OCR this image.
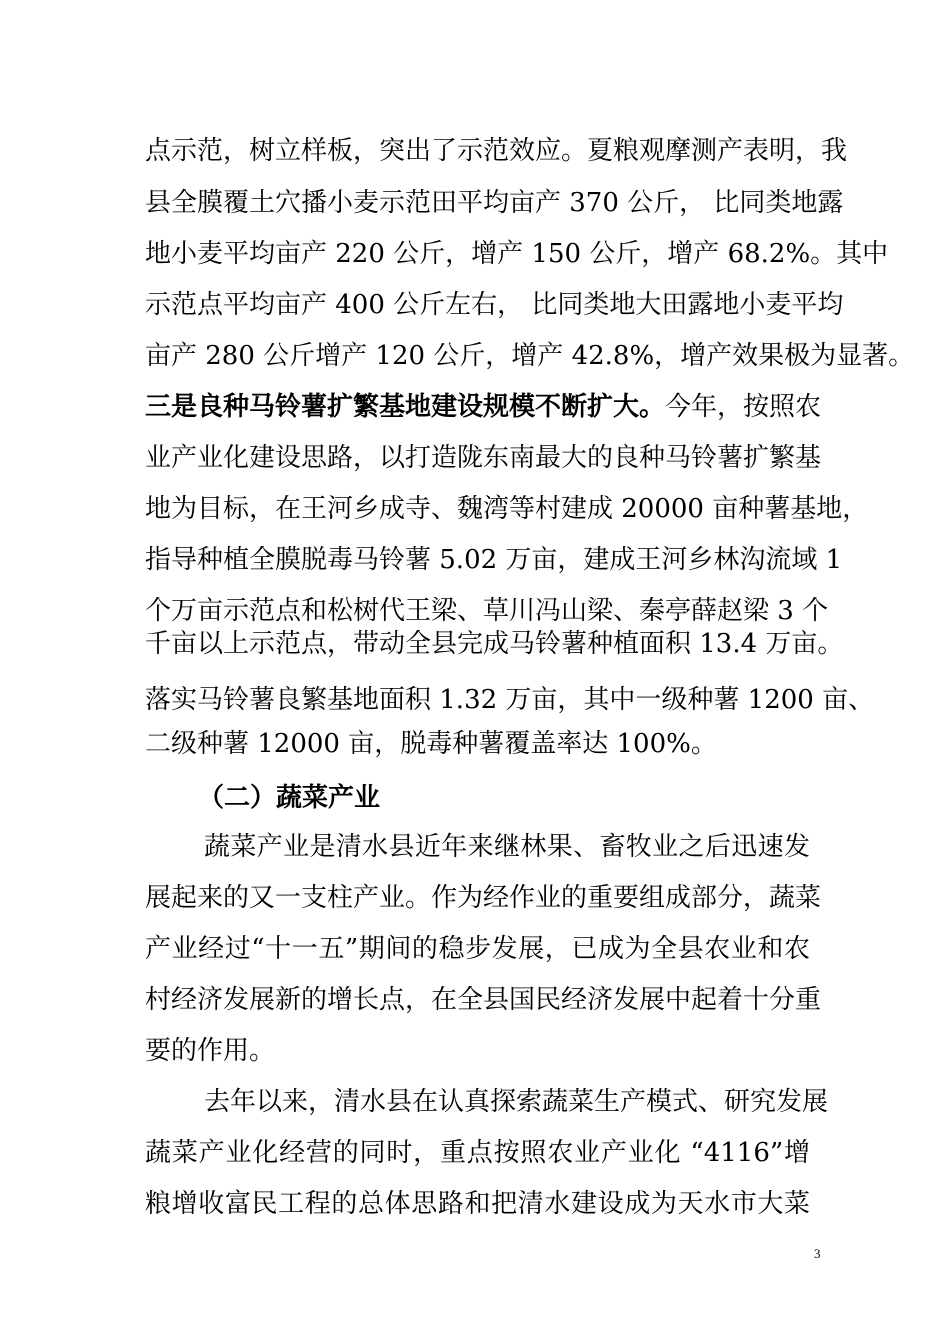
点示范，树立样板，突出了示范效应。夏粮观摩测产表明，我
县全膜覆土穴播小麦示范田平均亩产 370 公斤， 比同类地露
地小麦平均亩产 220 公斤，增产 150 公斤，增产 68.2%。其中
示范点平均亩产 400 公斤左右， 比同类地大田露地小麦平均
亩产 280 公斤增产 120 公斤，增产 42.8%，增产效果极为显著。
三是良种马铃薯扩繁基地建设规模不断扩大。今年，按照农
业产业化建设思路，以打造陇东南最大的良种马铃薯扩繁基
地为目标，在王河乡成寺、魏湾等村建成 20000 亩种薯基地，
指导种植全膜脱毒马铃薯 5.02 万亩，建成王河乡林沟流域 1
个万亩示范点和松树代王梁、草川冯山梁、秦亭薛赵梁 3 个
千亩以上示范点，带动全县完成马铃薯种植面积 13.4 万亩。
落实马铃薯良繁基地面积 1.32 万亩，其中一级种薯 1200 亩、
二级种薯 12000 亩，脱毒种薯覆盖率达 100%。
（二）蔬菜产业
蔬菜产业是清水县近年来继林果、畜牧业之后迅速发
展起来的又一支柱产业。作为经作业的重要组成部分，蔬菜
产业经过“十一五”期间的稳步发展，已成为全县农业和农
村经济发展新的增长点，在全县国民经济发展中起着十分重
要的作用。
去年以来，清水县在认真探索蔬菜生产模式、研究发展
蔬菜产业化经营的同时，重点按照农业产业化 “4116”增
粮增收富民工程的总体思路和把清水建设成为天水市大菜
3
